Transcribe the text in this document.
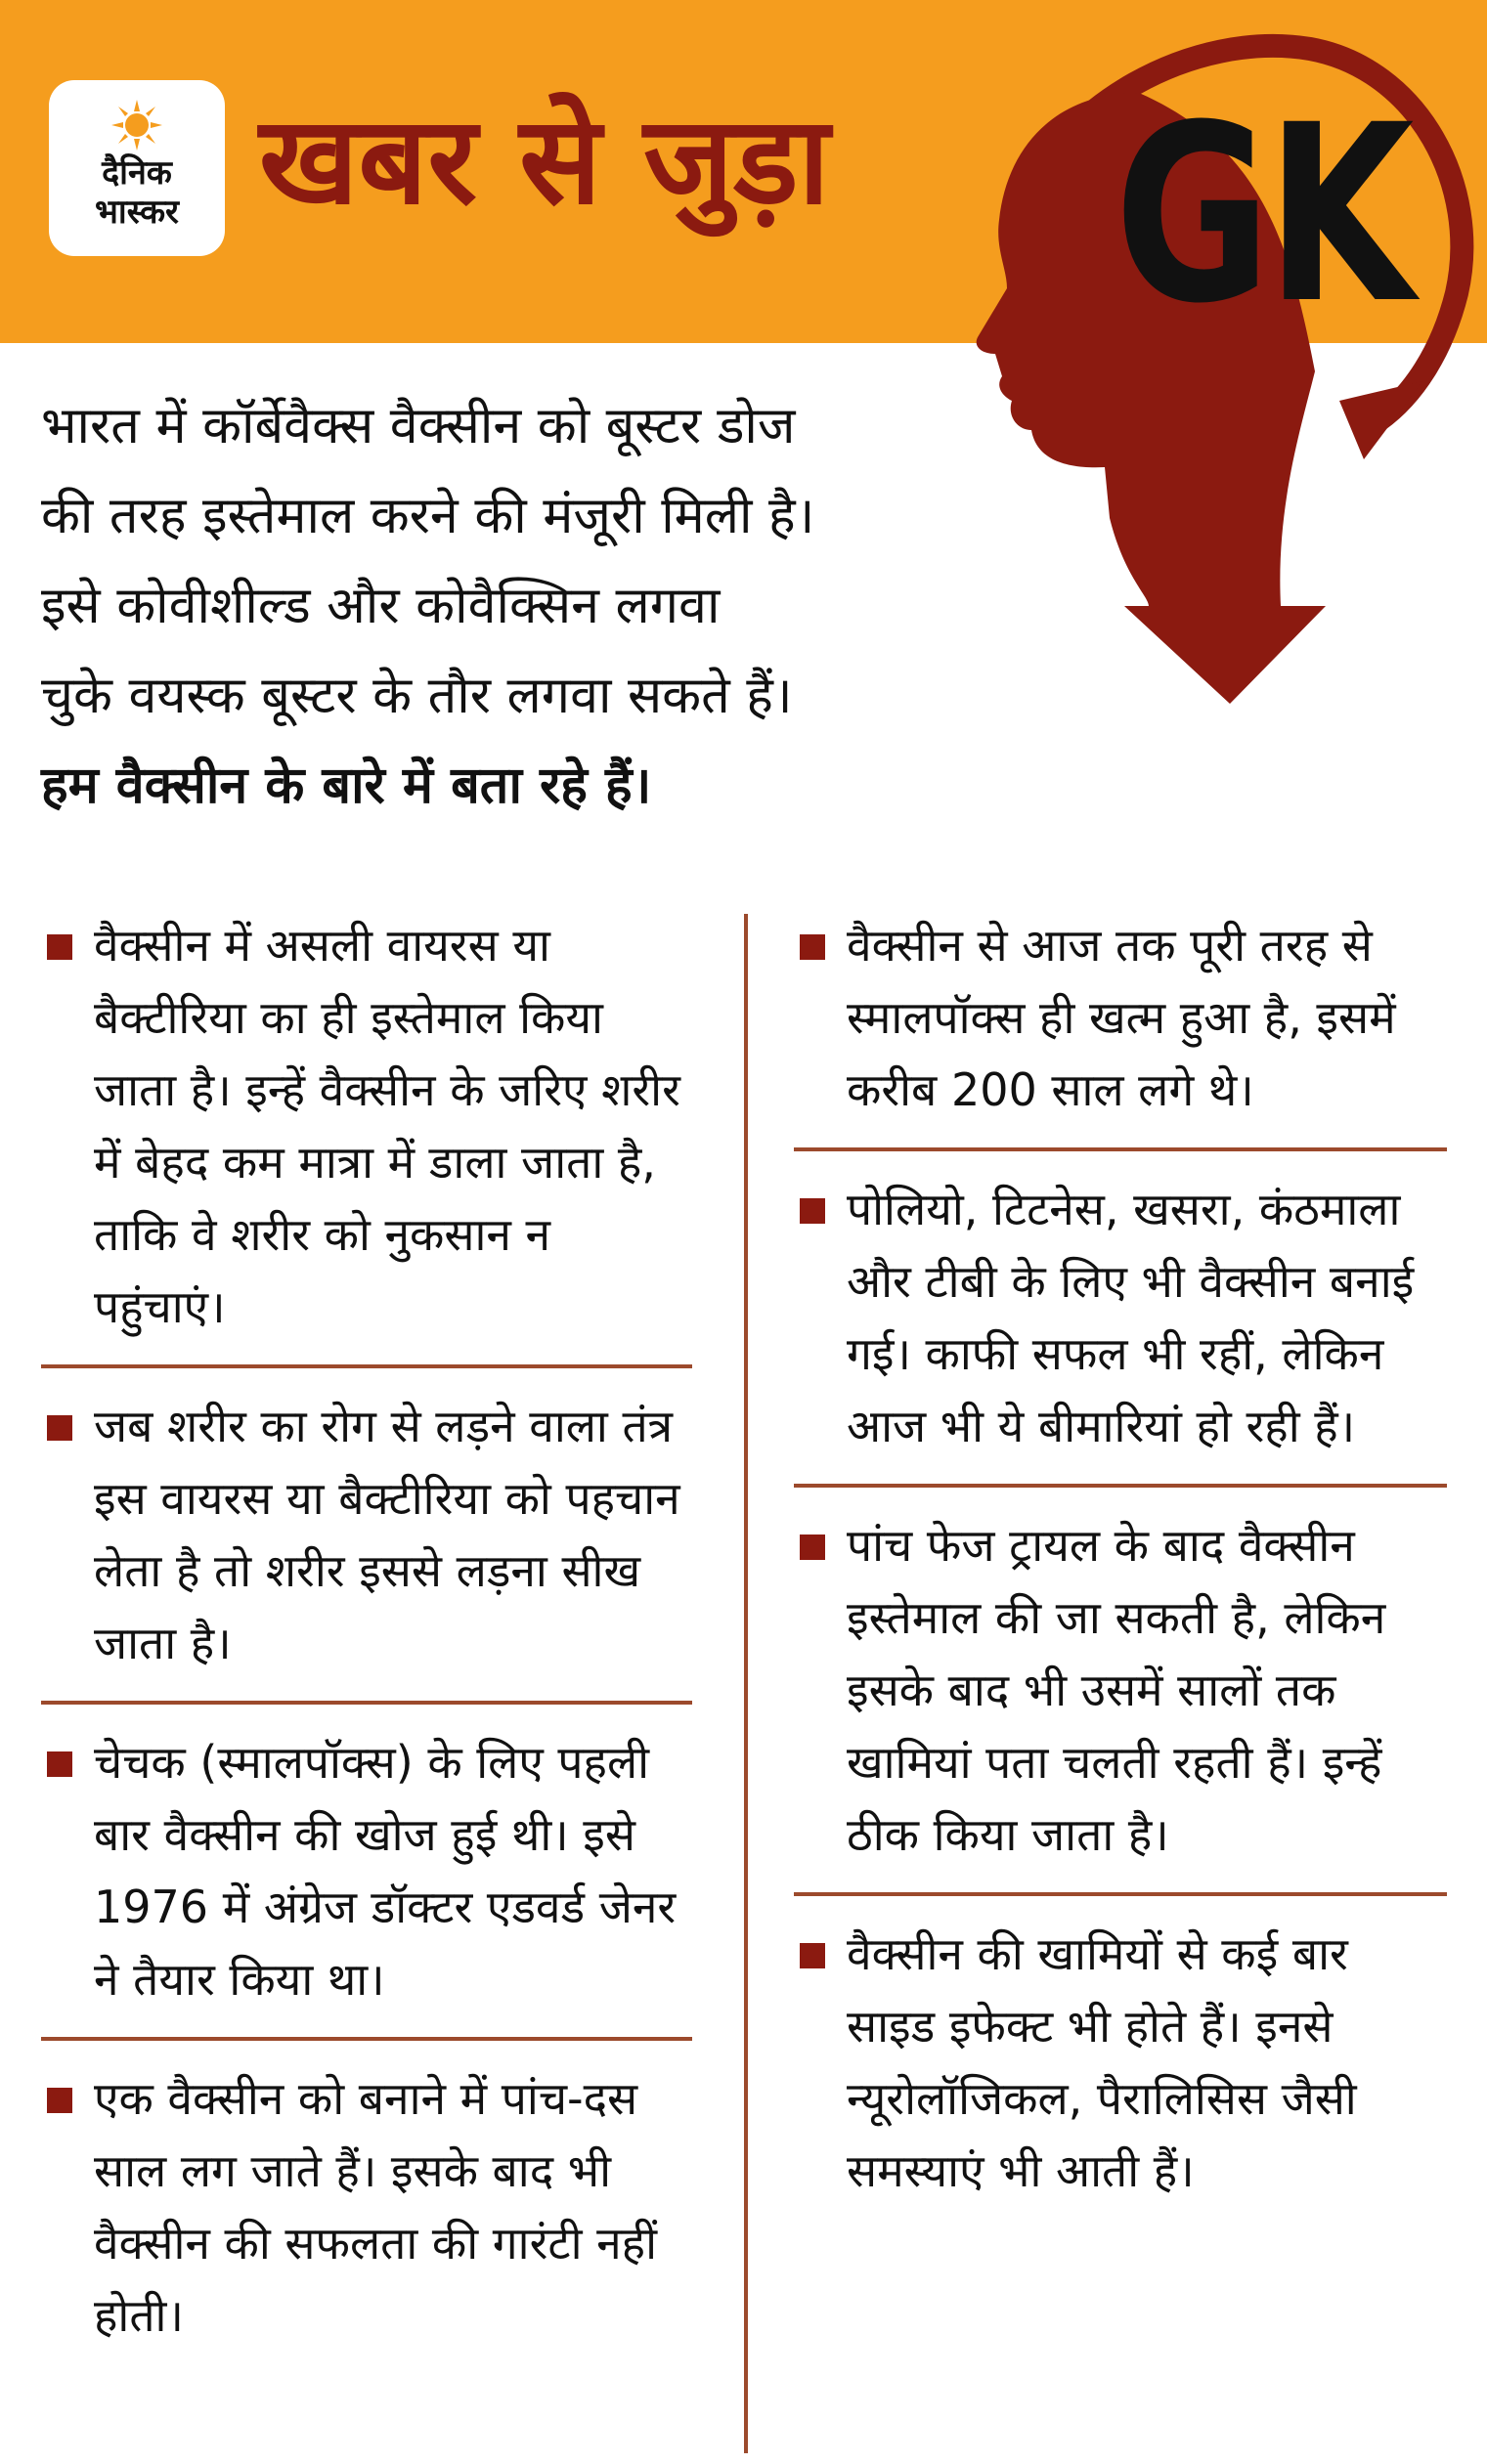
दैनिक
भास्कर खबर से जुड़ा GK

भारत में कॉर्बेवैक्स वैक्सीन को बूस्टर डोज

की तरह इस्तेमाल करने की मंजूरी मिली है।

इसे कोवीशील्ड और कोवैक्सिन लगवा

चुके वयस्क बूस्टर के तौर लगवा सकते हैं।

हम वैक्सीन के बारे में बता रहे हैं।

वैक्सीन में असली वायरस या बैक्टीरिया का ही इस्तेमाल किया जाता है। इन्हें वैक्सीन के जरिए शरीर में बेहद कम मात्रा में डाला जाता है, ताकि वे शरीर को नुकसान न पहुंचाएं।
जब शरीर का रोग से लड़ने वाला तंत्र इस वायरस या बैक्टीरिया को पहचान लेता है तो शरीर इससे लड़ना सीख जाता है।
चेचक (स्मालपॉक्स) के लिए पहली बार वैक्सीन की खोज हुई थी। इसे 1976 में अंग्रेज डॉक्टर एडवर्ड जेनर ने तैयार किया था।
एक वैक्सीन को बनाने में पांच-दस साल लग जाते हैं। इसके बाद भी वैक्सीन की सफलता की गारंटी नहीं होती।
वैक्सीन से आज तक पूरी तरह से स्मालपॉक्स ही खत्म हुआ है, इसमें करीब 200 साल लगे थे।
पोलियो, टिटनेस, खसरा, कंठमाला और टीबी के लिए भी वैक्सीन बनाई गई। काफी सफल भी रहीं, लेकिन आज भी ये बीमारियां हो रही हैं।
पांच फेज ट्रायल के बाद वैक्सीन इस्तेमाल की जा सकती है, लेकिन इसके बाद भी उसमें सालों तक खामियां पता चलती रहती हैं। इन्हें ठीक किया जाता है।
वैक्सीन की खामियों से कई बार साइड इफेक्ट भी होते हैं। इनसे न्यूरोलॉजिकल, पैरालिसिस जैसी समस्याएं भी आती हैं।
